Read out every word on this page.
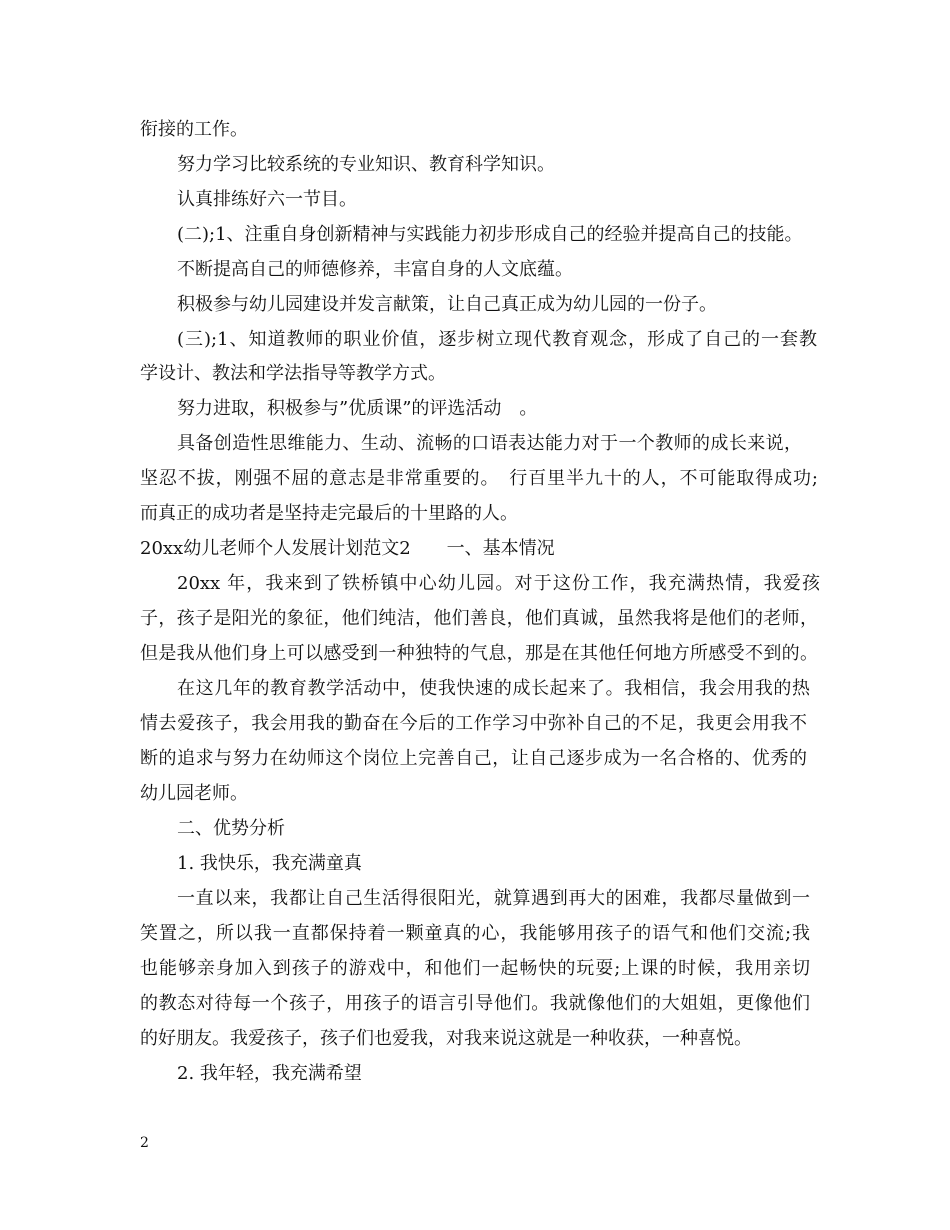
衔接的工作。
努力学习比较系统的专业知识、教育科学知识。
认真排练好六一节目。
(二);1、注重自身创新精神与实践能力初步形成自己的经验并提高自己的技能。
不断提高自己的师德修养，丰富自身的人文底蕴。
积极参与幼儿园建设并发言献策，让自己真正成为幼儿园的一份子。
(三);1、知道教师的职业价值，逐步树立现代教育观念，形成了自己的一套教
学设计、教法和学法指导等教学方式。
努力进取，积极参与”优质课”的评选活动　。
具备创造性思维能力、生动、流畅的口语表达能力对于一个教师的成长来说，
坚忍不拔，刚强不屈的意志是非常重要的。　行百里半九十的人，不可能取得成功;
而真正的成功者是坚持走完最后的十里路的人。
20xx幼儿老师个人发展计划范文2　　一、基本情况
20xx 年，我来到了铁桥镇中心幼儿园。对于这份工作，我充满热情，我爱孩
子，孩子是阳光的象征，他们纯洁，他们善良，他们真诚，虽然我将是他们的老师，
但是我从他们身上可以感受到一种独特的气息，那是在其他任何地方所感受不到的。
在这几年的教育教学活动中，使我快速的成长起来了。我相信，我会用我的热
情去爱孩子，我会用我的勤奋在今后的工作学习中弥补自己的不足，我更会用我不
断的追求与努力在幼师这个岗位上完善自己，让自己逐步成为一名合格的、优秀的
幼儿园老师。
二、优势分析
1. 我快乐，我充满童真
一直以来，我都让自己生活得很阳光，就算遇到再大的困难，我都尽量做到一
笑置之，所以我一直都保持着一颗童真的心，我能够用孩子的语气和他们交流;我
也能够亲身加入到孩子的游戏中，和他们一起畅快的玩耍;上课的时候，我用亲切
的教态对待每一个孩子，用孩子的语言引导他们。我就像他们的大姐姐，更像他们
的好朋友。我爱孩子，孩子们也爱我，对我来说这就是一种收获，一种喜悦。
2. 我年轻，我充满希望
2
